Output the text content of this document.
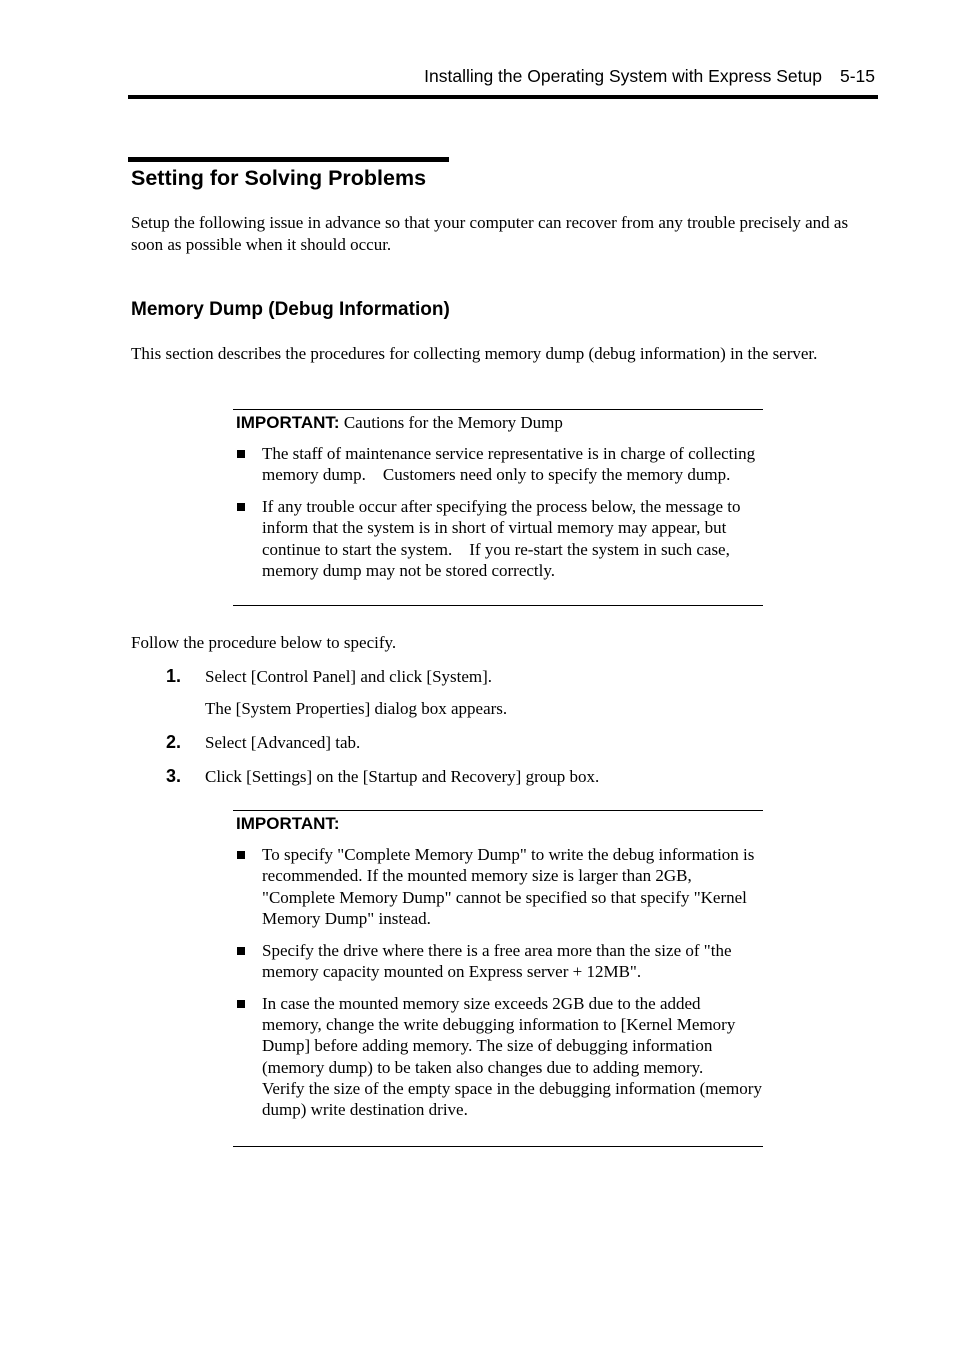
Installing the Operating System with Express Setup 5-15
Setting for Solving Problems
Setup the following issue in advance so that your computer can recover from any trouble precisely and as soon as possible when it should occur.
Memory Dump (Debug Information)
This section describes the procedures for collecting memory dump (debug information) in the server.
IMPORTANT: Cautions for the Memory Dump
The staff of maintenance service representative is in charge of collecting memory dump.    Customers need only to specify the memory dump.
If any trouble occur after specifying the process below, the message to inform that the system is in short of virtual memory may appear, but continue to start the system.    If you re-start the system in such case, memory dump may not be stored correctly.
Follow the procedure below to specify.
1. Select [Control Panel] and click [System].
The [System Properties] dialog box appears.
2. Select [Advanced] tab.
3. Click [Settings] on the [Startup and Recovery] group box.
IMPORTANT:
To specify "Complete Memory Dump" to write the debug information is recommended. If the mounted memory size is larger than 2GB, "Complete Memory Dump" cannot be specified so that specify "Kernel Memory Dump" instead.
Specify the drive where there is a free area more than the size of "the memory capacity mounted on Express server + 12MB".
In case the mounted memory size exceeds 2GB due to the added memory, change the write debugging information to [Kernel Memory Dump] before adding memory. The size of debugging information (memory dump) to be taken also changes due to adding memory.
Verify the size of the empty space in the debugging information (memory dump) write destination drive.
